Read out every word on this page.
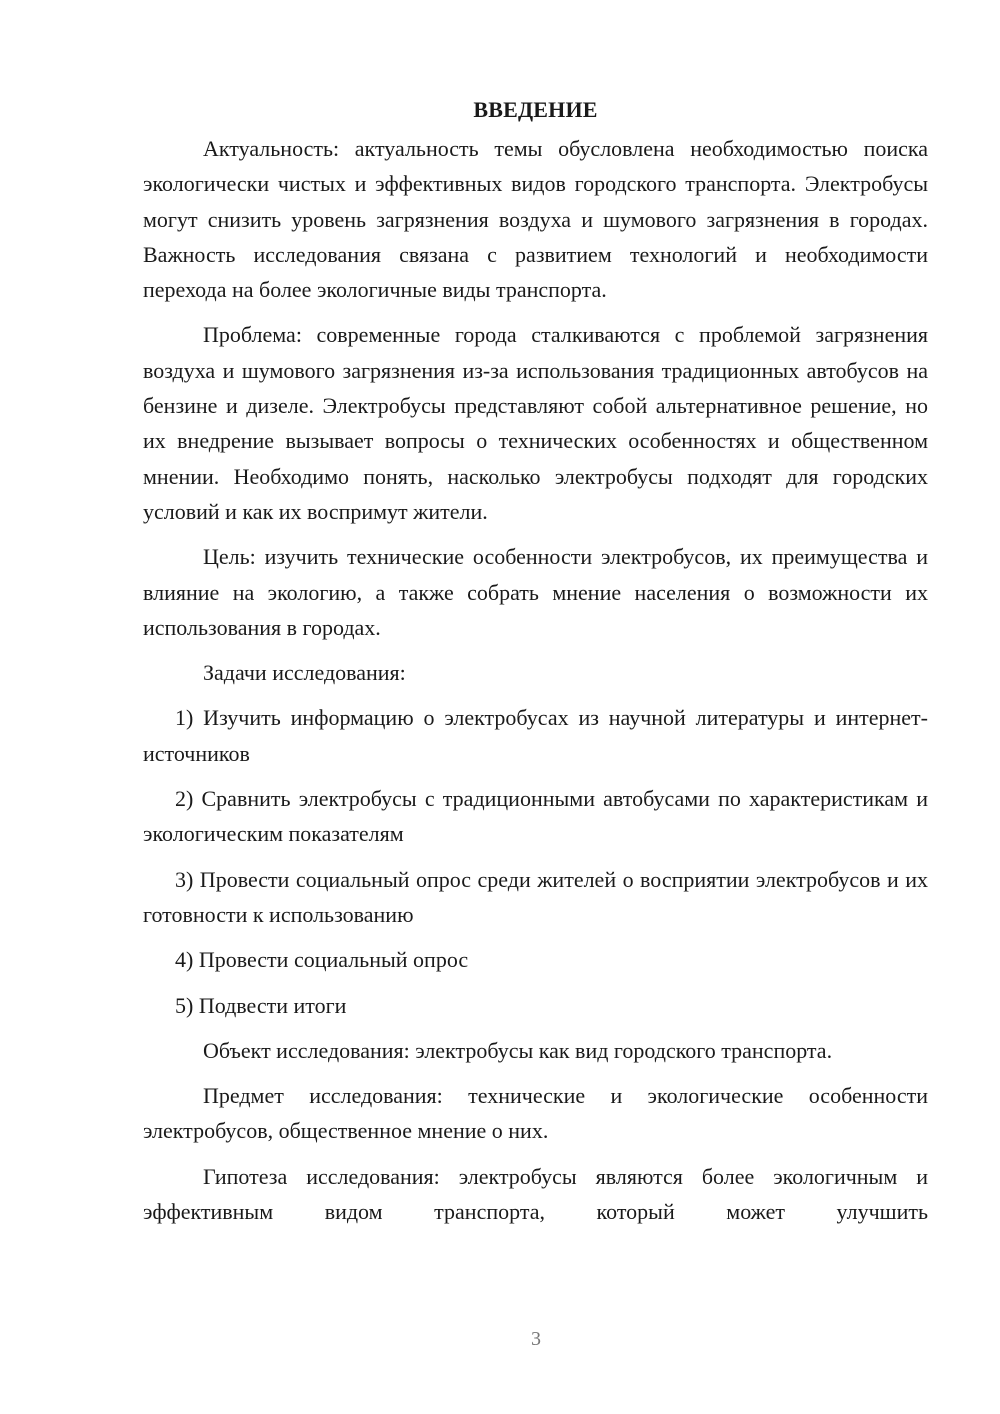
ВВЕДЕНИЕ

Актуальность: актуальность темы обусловлена необходимостью поиска экологически чистых и эффективных видов городского транспорта. Электробусы могут снизить уровень загрязнения воздуха и шумового загрязнения в городах. Важность исследования связана с развитием технологий и необходимости перехода на более экологичные виды транспорта.

Проблема: современные города сталкиваются с проблемой загрязнения воздуха и шумового загрязнения из-за использования традиционных автобусов на бензине и дизеле. Электробусы представляют собой альтернативное решение, но их внедрение вызывает вопросы о технических особенностях и общественном мнении. Необходимо понять, насколько электробусы подходят для городских условий и как их воспримут жители.

Цель: изучить технические особенности электробусов, их преимущества и влияние на экологию, а также собрать мнение населения о возможности их использования в городах.

Задачи исследования:

1) Изучить информацию о электробусах из научной литературы и интернет-источников

2) Сравнить электробусы с традиционными автобусами по характеристикам и экологическим показателям

3) Провести социальный опрос среди жителей о восприятии электробусов и их готовности к использованию

4) Провести социальный опрос

5) Подвести итоги

Объект исследования: электробусы как вид городского транспорта.

Предмет исследования: технические и экологические особенности электробусов, общественное мнение о них.

Гипотеза исследования: электробусы являются более экологичным и эффективным видом транспорта, который может улучшить

3
